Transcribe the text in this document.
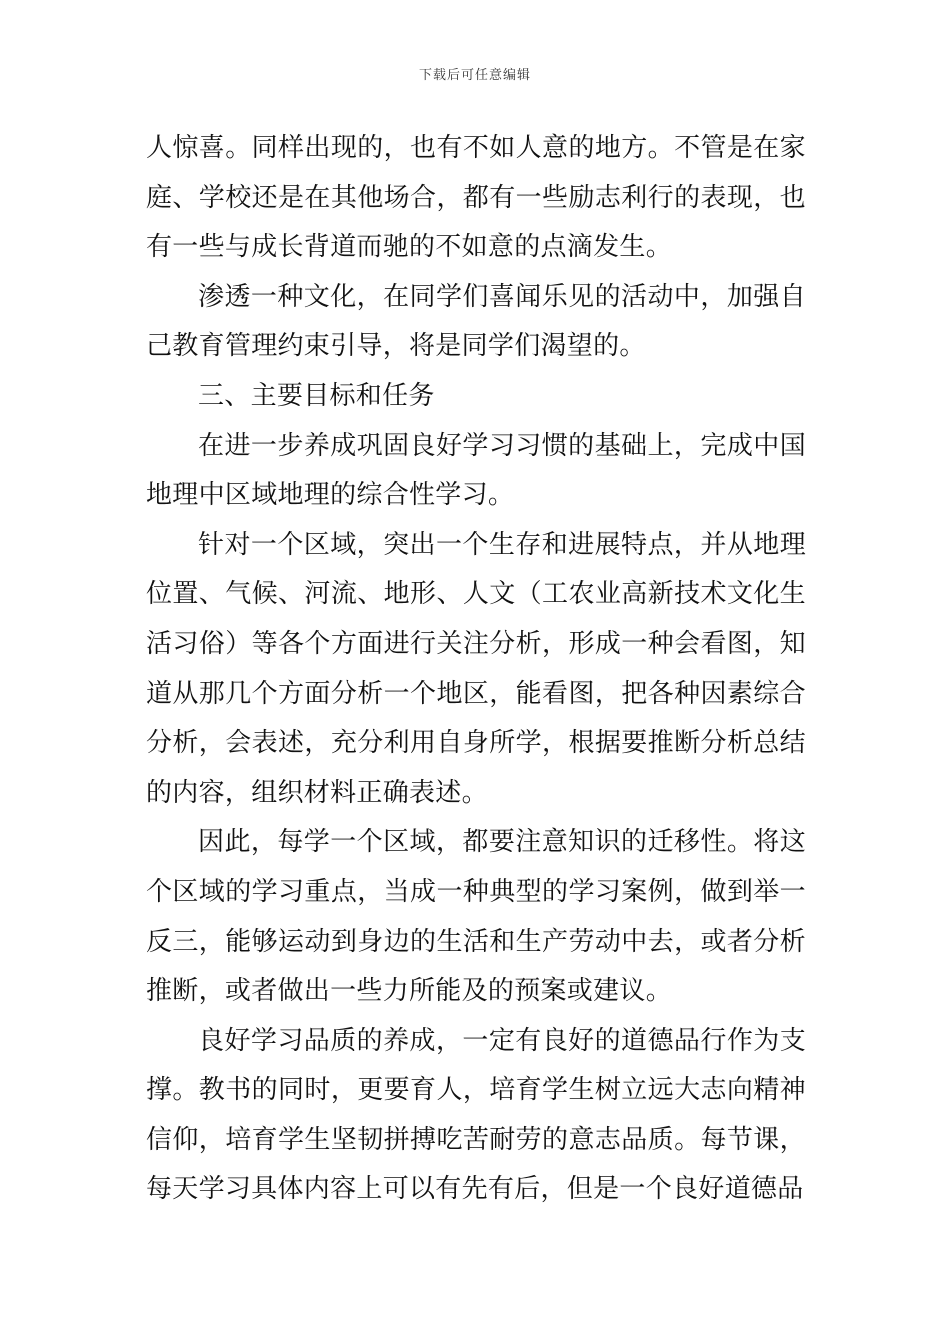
下载后可任意编辑

人惊喜。同样出现的，也有不如人意的地方。不管是在家庭、学校还是在其他场合，都有一些励志利行的表现，也有一些与成长背道而驰的不如意的点滴发生。

渗透一种文化，在同学们喜闻乐见的活动中，加强自己教育管理约束引导，将是同学们渴望的。

三、主要目标和任务

在进一步养成巩固良好学习习惯的基础上，完成中国地理中区域地理的综合性学习。

针对一个区域，突出一个生存和进展特点，并从地理位置、气候、河流、地形、人文（工农业高新技术文化生活习俗）等各个方面进行关注分析，形成一种会看图，知道从那几个方面分析一个地区，能看图，把各种因素综合分析，会表述，充分利用自身所学，根据要推断分析总结的内容，组织材料正确表述。

因此，每学一个区域，都要注意知识的迁移性。将这个区域的学习重点，当成一种典型的学习案例，做到举一反三，能够运动到身边的生活和生产劳动中去，或者分析推断，或者做出一些力所能及的预案或建议。

良好学习品质的养成，一定有良好的道德品行作为支撑。教书的同时，更要育人，培育学生树立远大志向精神信仰，培育学生坚韧拼搏吃苦耐劳的意志品质。每节课，每天学习具体内容上可以有先有后，但是一个良好道德品
